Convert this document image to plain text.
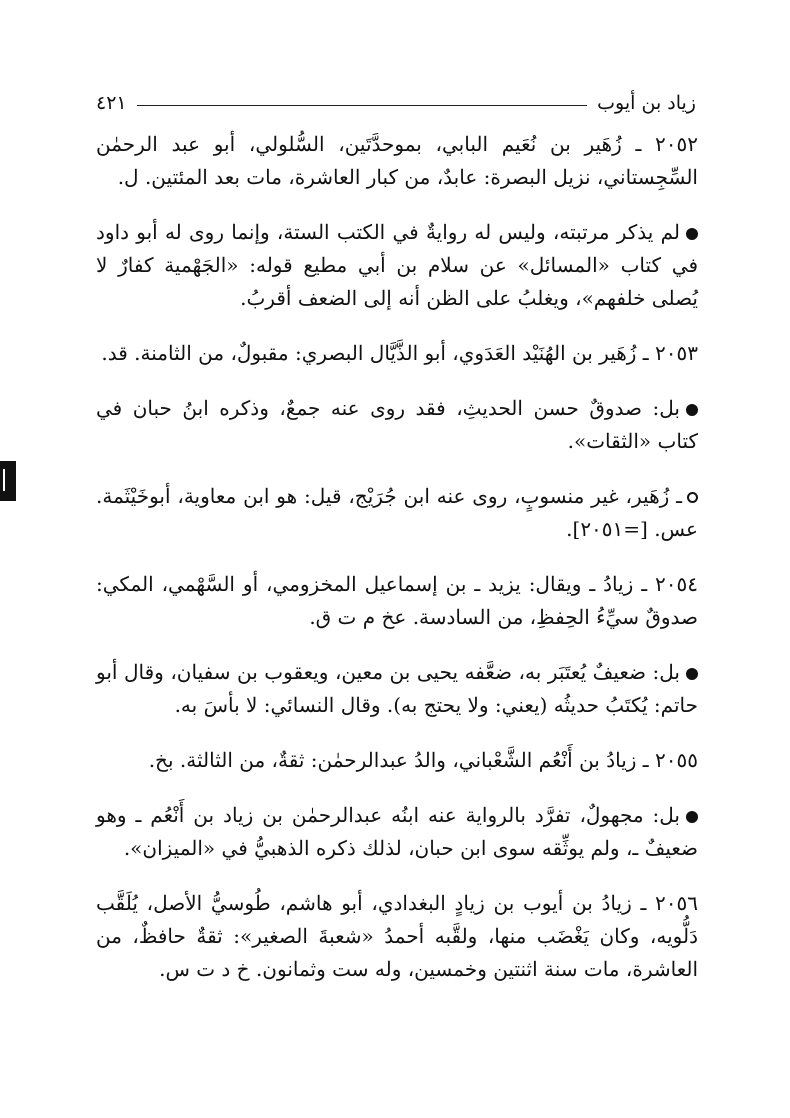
زياد بن أيوب
٤٢١

٢٠٥٢ ـ زُهَير بن نُعَيم البابي، بموحدَّتَين، السُّلولي، أبو عبد الرحمٰن السِّجِستاني، نزيل البصرة: عابدٌ، من كبار العاشرة، مات بعد المئتين. ل.

لم يذكر مرتبته، وليس له روايةٌ في الكتب الستة، وإنما روى له أبو داود في كتاب «المسائل» عن سلام بن أبي مطيع قوله: «الجَهْمية كفارٌ لا يُصلى خلفهم»، ويغلبُ على الظن أنه إلى الضعف أقربُ.

٢٠٥٣ ـ زُهَير بن الهُنَيْد العَدَوي، أبو الذَّيَّال البصري: مقبولٌ، من الثامنة. قد.

بل: صدوقٌ حسن الحديثِ، فقد روى عنه جمعٌ، وذكره ابنُ حبان في كتاب «الثقات».

ـ زُهَير، غير منسوبٍ، روى عنه ابن جُرَيْج، قيل: هو ابن معاوية، أبوخَيْثَمة. عس. [=٢٠٥١].

٢٠٥٤ ـ زيادُ ـ ويقال: يزيد ـ بن إسماعيل المخزومي، أو السَّهْمي، المكي: صدوقٌ سيِّءُ الحِفظِ، من السادسة. عخ م ت ق.

بل: ضعيفٌ يُعتَبَر به، ضعَّفه يحيى بن معين، ويعقوب بن سفيان، وقال أبو حاتم: يُكتَبُ حديثُه (يعني: ولا يحتج به). وقال النسائي: لا بأسَ به.

٢٠٥٥ ـ زيادُ بن أَنْعُم الشَّعْباني، والدُ عبدالرحمٰن: ثقةٌ، من الثالثة. بخ.

بل: مجهولٌ، تفرَّد بالرواية عنه ابنُه عبدالرحمٰن بن زياد بن أَنْعُم ـ وهو ضعيفٌ ـ، ولم يوثِّقه سوى ابن حبان، لذلك ذكره الذهبيُّ في «الميزان».

٢٠٥٦ ـ زيادُ بن أيوب بن زيادٍ البغدادي، أبو هاشم، طُوسيُّ الأصل، يُلَقَّب دَلُّويه، وكان يَغْضَب منها، ولقَّبه أحمدُ «شعبةَ الصغير»: ثقةٌ حافظٌ، من العاشرة، مات سنة اثنتين وخمسين، وله ست وثمانون. خ د ت س.
